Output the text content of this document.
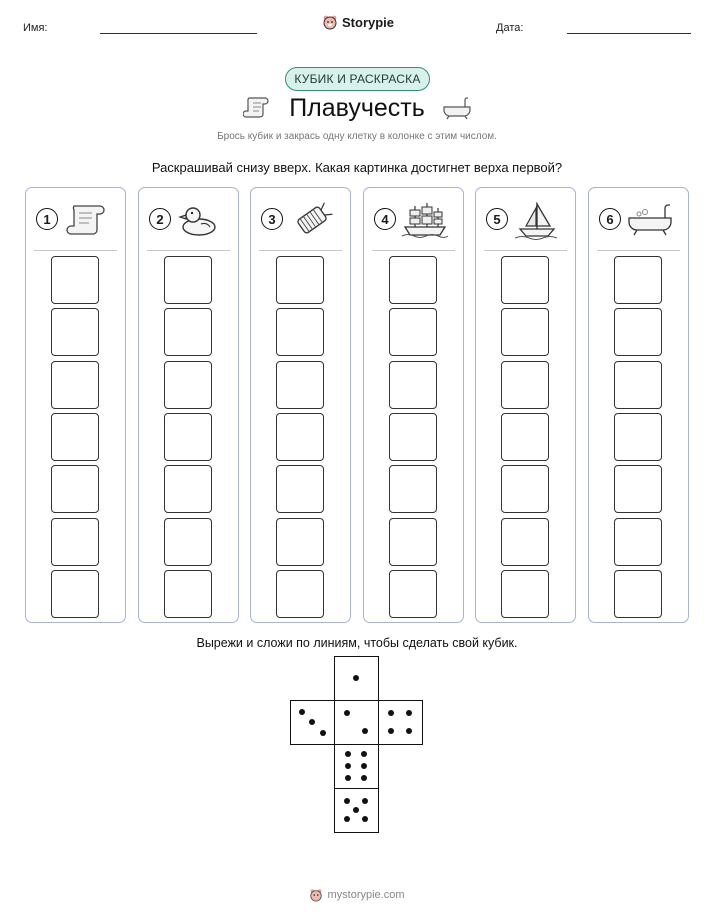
Имя:	Storypie	Дата:
КУБИК И РАСКРАСКА
Плавучесть
Брось кубик и закрась одну клетку в колонке с этим числом.
Раскрашивай снизу вверх. Какая картинка достигнет верха первой?
1	2	3	4	5	6
Вырежи и сложи по линиям, чтобы сделать свой кубик.
mystorypie.com
